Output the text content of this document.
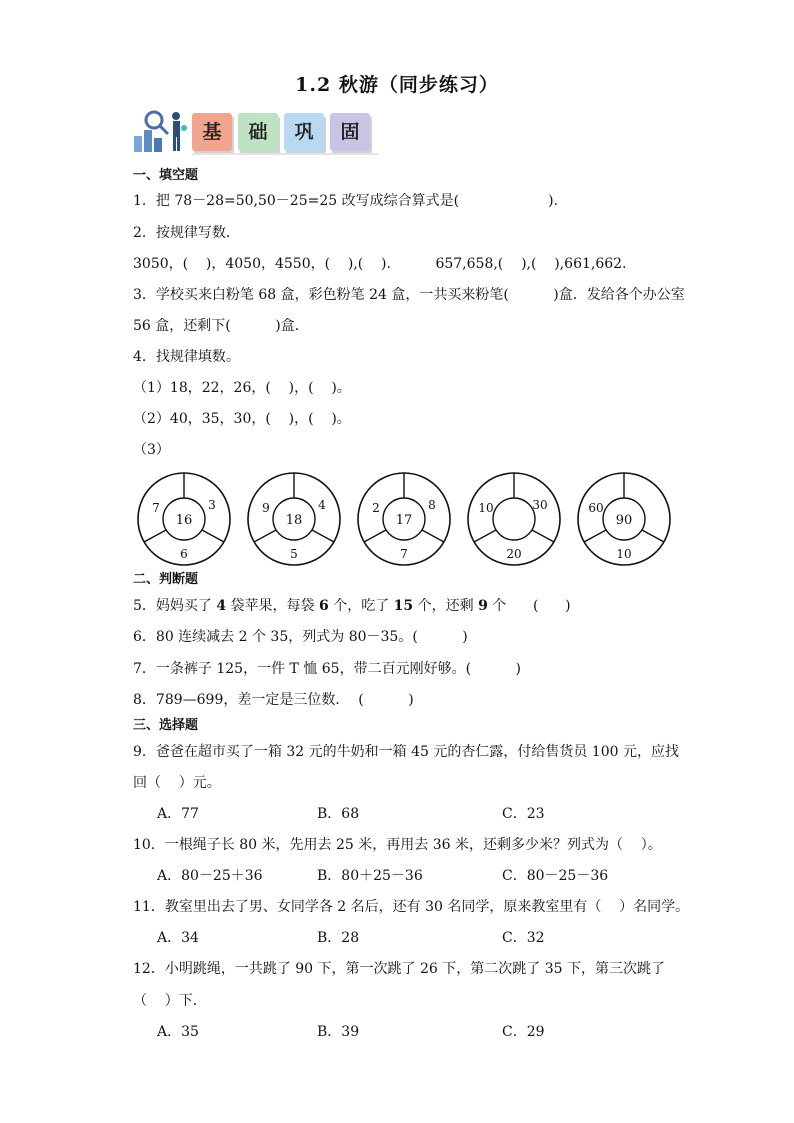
1.2 秋游（同步练习）
基	础	巩	固
一、填空题
1．把 78－28=50,50－25=25 改写成综合算式是(                    ).
2．按规律写数．
3050，(    )，4050，4550，(    ),(    ).          657,658,(    ),(    ),661,662.
3．学校买来白粉笔 68 盒，彩色粉笔 24 盒，一共买来粉笔(          )盒．发给各个办公室
56 盒，还剩下(          )盒．
4．找规律填数。
（1）18，22，26，(    )，(    )。
（2）40，35，30，(    )，(    )。
（3）
7	3
16
6
9	4
18
5
2	8
17
7
10	30
20
60
90
10
二、判断题
5．妈妈买了 4 袋苹果，每袋 6 个，吃了 15 个，还剩 9 个      (      )
6．80 连续减去 2 个 35，列式为 80－35。(          )
7．一条裤子 125，一件 T 恤 65，带二百元刚好够。(          )
8．789—699，差一定是三位数．  (          )
三、选择题
9．爸爸在超市买了一箱 32 元的牛奶和一箱 45 元的杏仁露，付给售货员 100 元，应找
回（    ）元。
A．77	B．68	C．23
10．一根绳子长 80 米，先用去 25 米，再用去 36 米，还剩多少米？列式为（    ）。
A．80－25＋36	B．80＋25－36	C．80－25－36
11．教室里出去了男、女同学各 2 名后，还有 30 名同学，原来教室里有（    ）名同学。
A．34	B．28	C．32
12．小明跳绳，一共跳了 90 下，第一次跳了 26 下，第二次跳了 35 下，第三次跳了
（    ）下．
A．35	B．39	C．29
